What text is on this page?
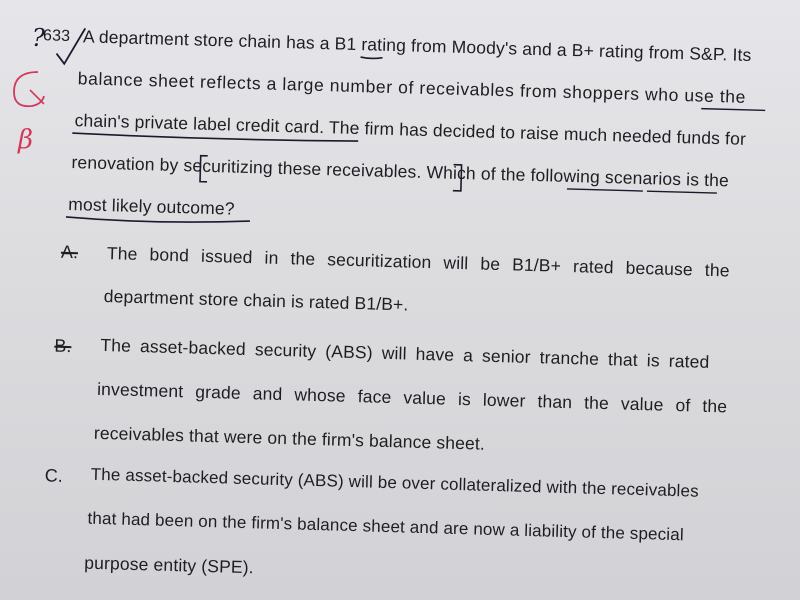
633 A department store chain has a B1 rating from Moody's and a B+ rating from S&P. Its
balance sheet reflects a large number of receivables from shoppers who use the
chain's private label credit card. The firm has decided to raise much needed funds for
renovation by securitizing these receivables. Which of the following scenarios is the
most likely outcome?
A. The bond issued in the securitization will be B1/B+ rated because the
department store chain is rated B1/B+.
B. The asset-backed security (ABS) will have a senior tranche that is rated
investment grade and whose face value is lower than the value of the
receivables that were on the firm's balance sheet.
C. The asset-backed security (ABS) will be over collateralized with the receivables
that had been on the firm's balance sheet and are now a liability of the special
purpose entity (SPE).
?
β
